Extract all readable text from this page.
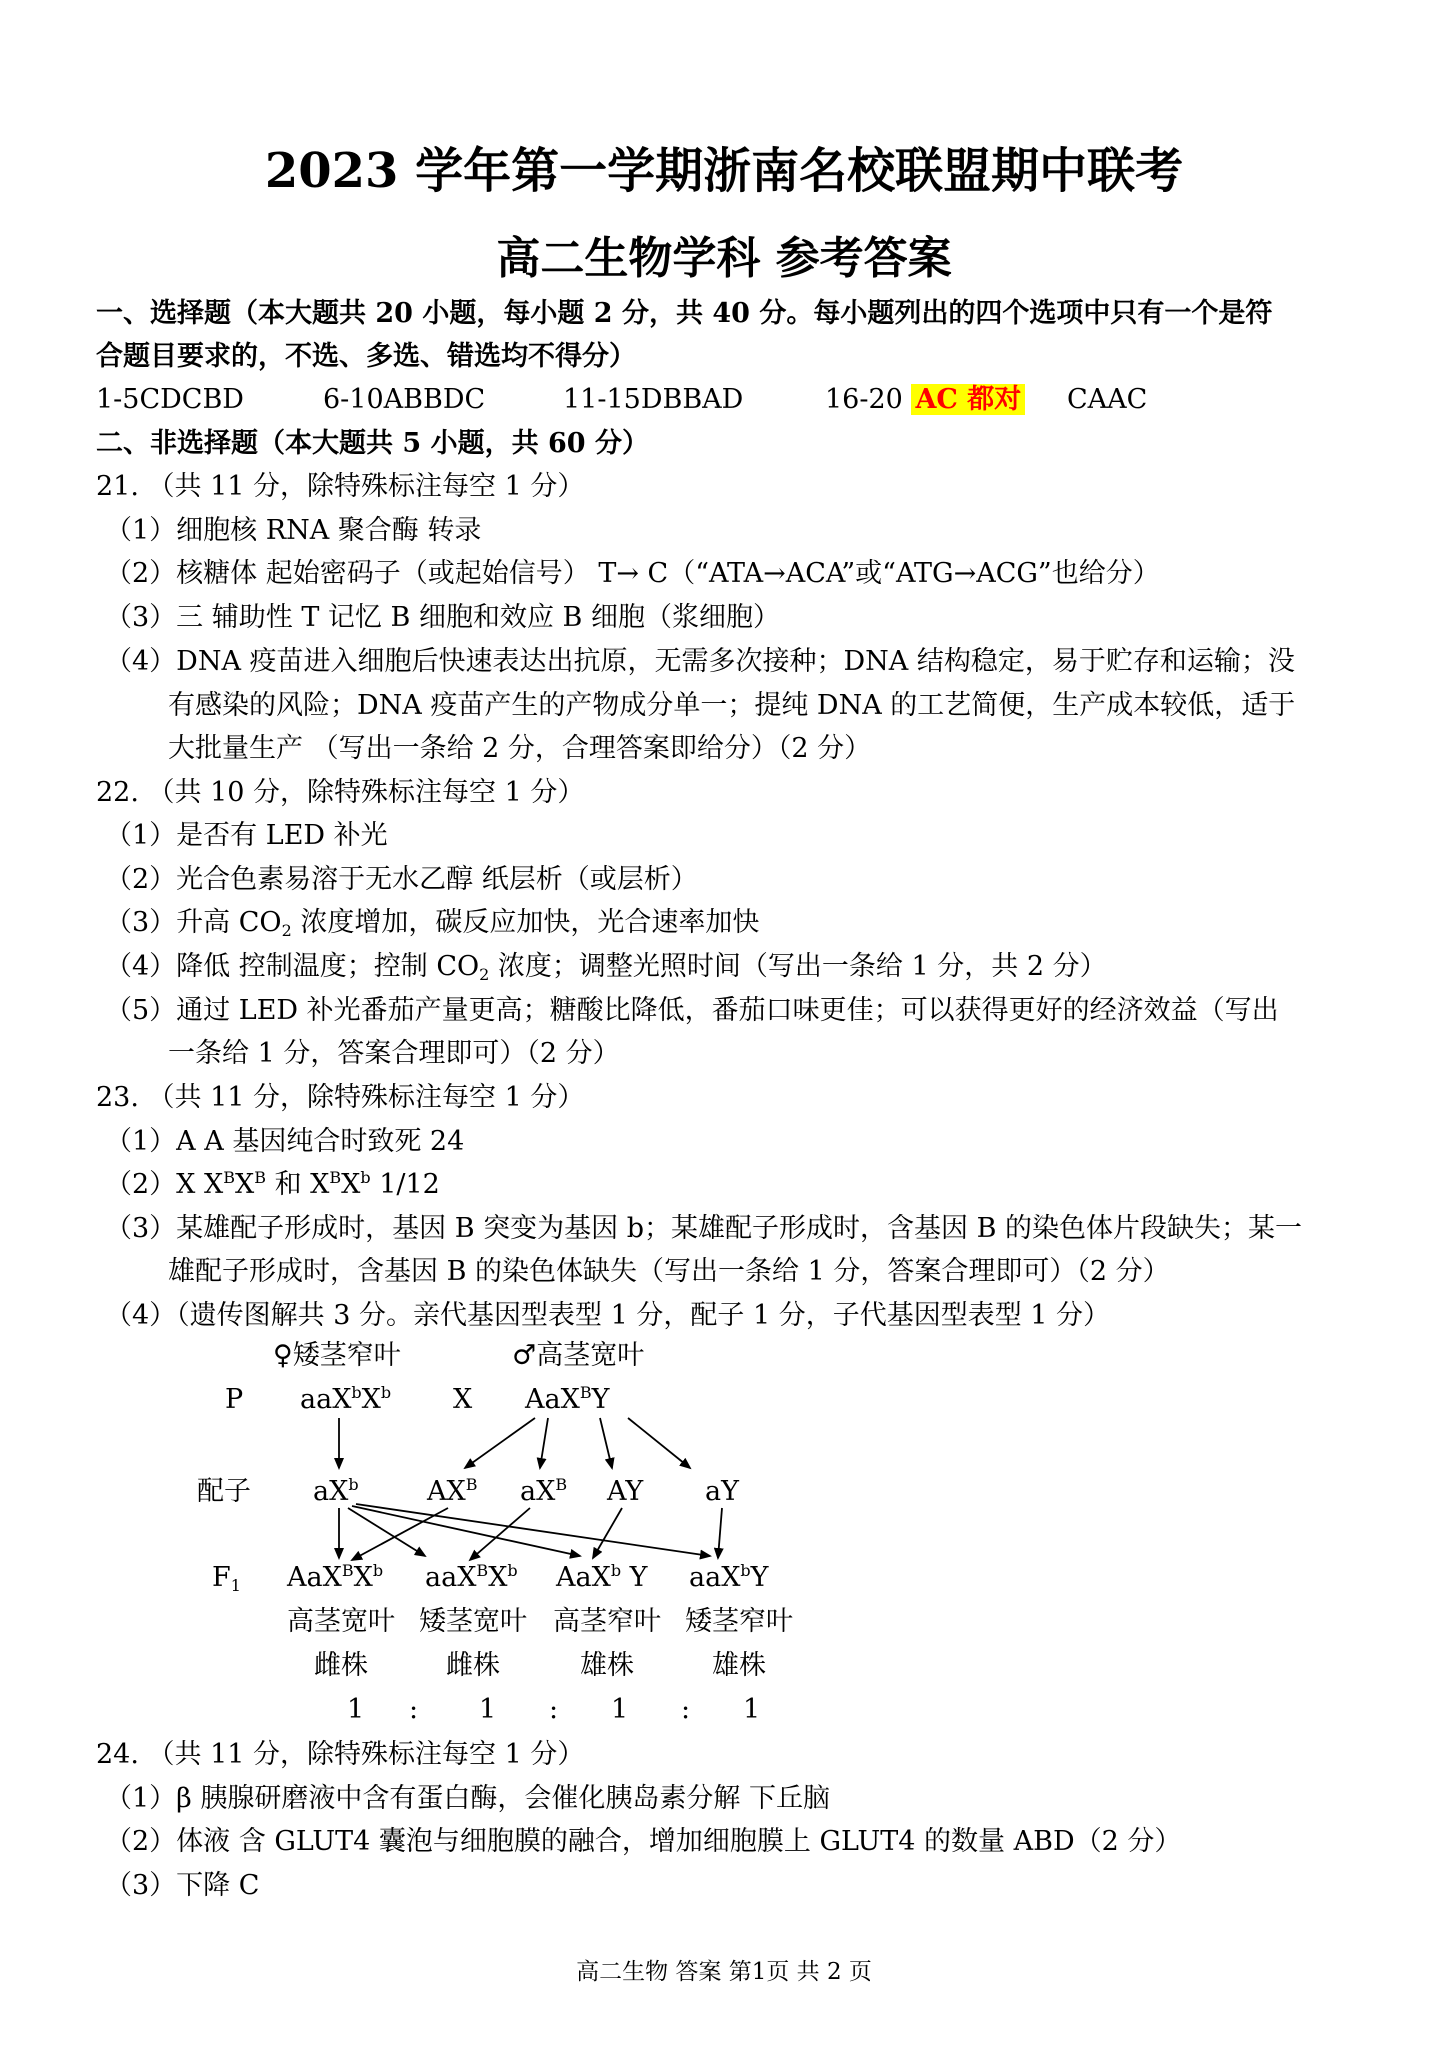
2023 学年第一学期浙南名校联盟期中联考
高二生物学科 参考答案
一、选择题（本大题共 20 小题，每小题 2 分，共 40 分。每小题列出的四个选项中只有一个是符
合题目要求的，不选、多选、错选均不得分）
1-5CDCBD	6-10ABBDC	11-15DBBAD	16-20 AC 都对 CAAC
二、非选择题（本大题共 5 小题，共 60 分）
21. （共 11 分，除特殊标注每空 1 分）
（1）细胞核 RNA 聚合酶 转录
（2）核糖体 起始密码子（或起始信号） T→ C（“ATA→ACA”或“ATG→ACG”也给分）
（3）三 辅助性 T 记忆 B 细胞和效应 B 细胞（浆细胞）
（4）DNA 疫苗进入细胞后快速表达出抗原，无需多次接种；DNA 结构稳定，易于贮存和运输；没
有感染的风险；DNA 疫苗产生的产物成分单一；提纯 DNA 的工艺简便，生产成本较低，适于
大批量生产 （写出一条给 2 分，合理答案即给分）（2 分）
22. （共 10 分，除特殊标注每空 1 分）
（1）是否有 LED 补光
（2）光合色素易溶于无水乙醇 纸层析（或层析）
（3）升高 $CO_2$ 浓度增加，碳反应加快，光合速率加快
（4）降低 控制温度；控制 $CO_2$ 浓度；调整光照时间（写出一条给 1 分，共 2 分）
（5）通过 LED 补光番茄产量更高；糖酸比降低，番茄口味更佳；可以获得更好的经济效益（写出
一条给 1 分，答案合理即可）（2 分）
23. （共 11 分，除特殊标注每空 1 分）
（1）A A 基因纯合时致死 24
（2）X $X^BX^B$ 和 $X^BX^b$ 1/12
（3）某雄配子形成时，基因 B 突变为基因 b；某雄配子形成时，含基因 B 的染色体片段缺失；某一
雄配子形成时，含基因 B 的染色体缺失（写出一条给 1 分，答案合理即可）（2 分）
（4）（遗传图解共 3 分。亲代基因型表型 1 分，配子 1 分，子代基因型表型 1 分）
♀矮茎窄叶	♂高茎宽叶
P $aaX^bX^b$ X AaX$^B$Y
配子 $aX^b$	$AX^B$ $aX^B$ AY aY
$F_1$ $AaX^BX^b$ $aaX^BX^b$ AaX$^b$ Y aaX$^b$Y
高茎宽叶 矮茎宽叶 高茎窄叶 矮茎窄叶
雌株	雌株	雄株	雄株
1 : 1 : 1 : 1
24. （共 11 分，除特殊标注每空 1 分）
（1）β 胰腺研磨液中含有蛋白酶，会催化胰岛素分解 下丘脑
（2）体液 含 GLUT4 囊泡与细胞膜的融合，增加细胞膜上 GLUT4 的数量 ABD（2 分）
（3）下降 C
高二生物 答案 第1页 共 2 页
